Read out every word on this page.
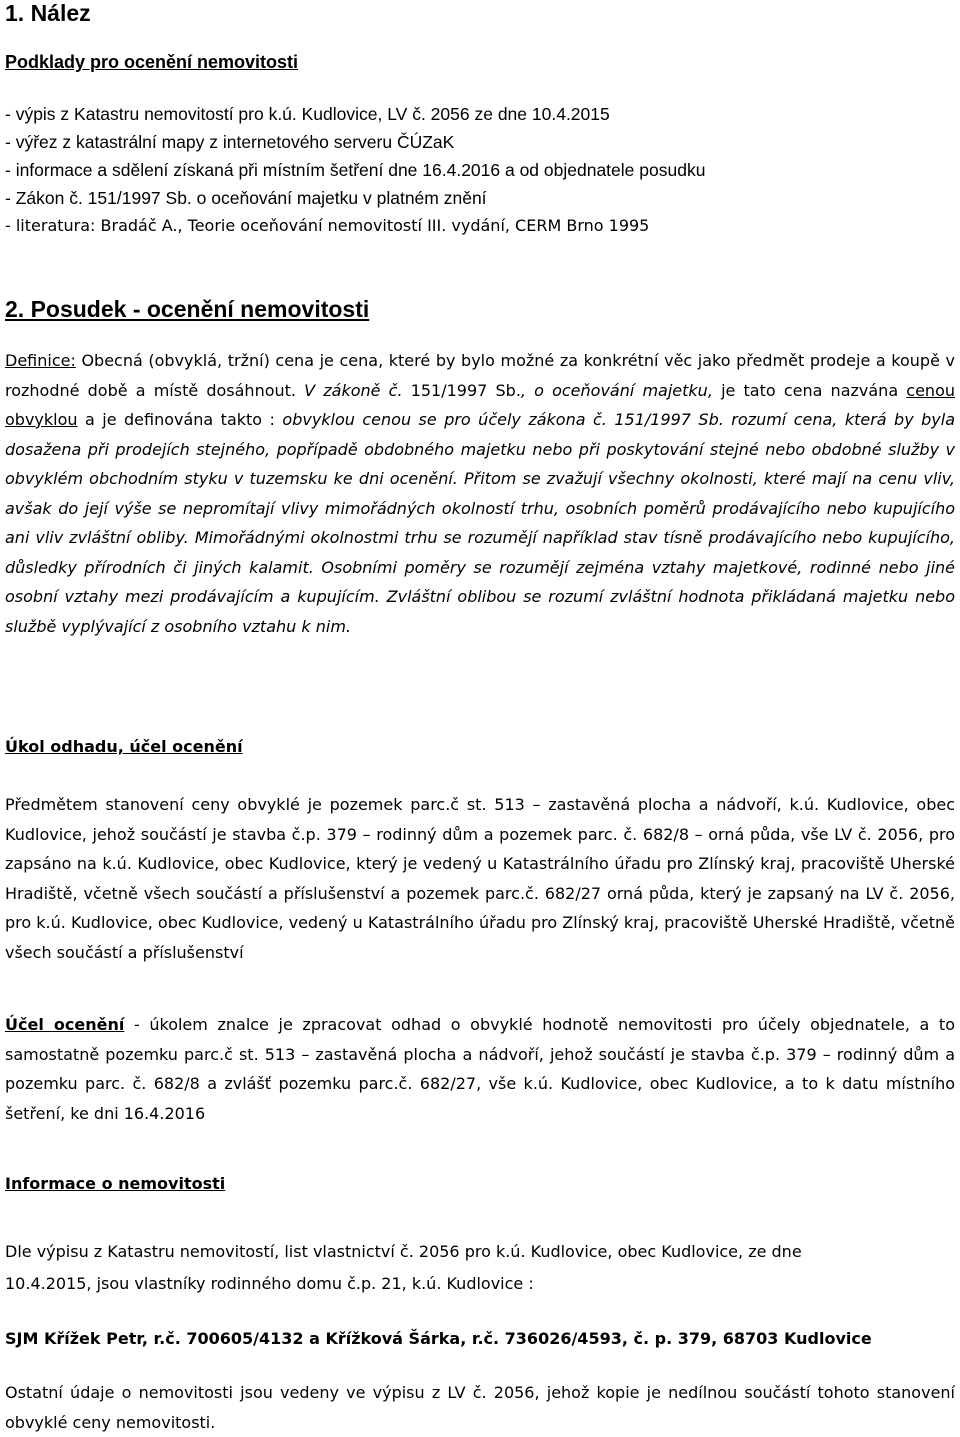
1. Nález
Podklady pro ocenění nemovitosti
- výpis z Katastru nemovitostí pro k.ú. Kudlovice, LV č. 2056 ze dne 10.4.2015
- výřez z katastrální mapy z internetového serveru ČÚZaK
- informace a sdělení získaná při místním šetření dne 16.4.2016 a od objednatele posudku
- Zákon č. 151/1997 Sb. o oceňování majetku v platném znění
- literatura: Bradáč A., Teorie oceňování nemovitostí III. vydání, CERM Brno 1995
2. Posudek - ocenění nemovitosti
Definice: Obecná (obvyklá, tržní) cena je cena, které by bylo možné za konkrétní věc jako předmět prodeje a koupě v rozhodné době a místě dosáhnout. V zákoně č. 151/1997 Sb., o oceňování majetku, je tato cena nazvána cenou obvyklou a je definována takto : obvyklou cenou se pro účely zákona č. 151/1997 Sb. rozumí cena, která by byla dosažena při prodejích stejného, popřípadě obdobného majetku nebo při poskytování stejné nebo obdobné služby v obvyklém obchodním styku v tuzemsku ke dni ocenění. Přitom se zvažují všechny okolnosti, které mají na cenu vliv, avšak do její výše se nepromítají vlivy mimořádných okolností trhu, osobních poměrů prodávajícího nebo kupujícího ani vliv zvláštní obliby. Mimořádnými okolnostmi trhu se rozumějí například stav tísně prodávajícího nebo kupujícího, důsledky přírodních či jiných kalamit. Osobními poměry se rozumějí zejména vztahy majetkové, rodinné nebo jiné osobní vztahy mezi prodávajícím a kupujícím. Zvláštní oblibou se rozumí zvláštní hodnota přikládaná majetku nebo službě vyplývající z osobního vztahu k nim.
Úkol odhadu, účel ocenění
Předmětem stanovení ceny obvyklé je pozemek parc.č st. 513 – zastavěná plocha a nádvoří, k.ú. Kudlovice, obec Kudlovice, jehož součástí je stavba č.p. 379 – rodinný dům a pozemek parc. č. 682/8 – orná půda, vše LV č. 2056, pro zapsáno na k.ú. Kudlovice, obec Kudlovice, který je vedený u Katastrálního úřadu pro Zlínský kraj, pracoviště Uherské Hradiště, včetně všech součástí a příslušenství a pozemek parc.č. 682/27 orná půda, který je zapsaný na LV č. 2056, pro k.ú. Kudlovice, obec Kudlovice, vedený u Katastrálního úřadu pro Zlínský kraj, pracoviště Uherské Hradiště, včetně všech součástí a příslušenství
Účel ocenění - úkolem znalce je zpracovat odhad o obvyklé hodnotě nemovitosti pro účely objednatele, a to samostatně pozemku parc.č st. 513 – zastavěná plocha a nádvoří, jehož součástí je stavba č.p. 379 – rodinný dům a pozemku parc. č. 682/8 a zvlášť pozemku parc.č. 682/27, vše k.ú. Kudlovice, obec Kudlovice, a to k datu místního šetření, ke dni 16.4.2016
Informace o nemovitosti
Dle výpisu z Katastru nemovitostí, list vlastnictví č. 2056 pro k.ú. Kudlovice, obec Kudlovice, ze dne
10.4.2015, jsou vlastníky rodinného domu č.p. 21, k.ú. Kudlovice :
SJM Křížek Petr, r.č. 700605/4132 a Křížková Šárka, r.č. 736026/4593, č. p. 379, 68703 Kudlovice
Ostatní údaje o nemovitosti jsou vedeny ve výpisu z LV č. 2056, jehož kopie je nedílnou součástí tohoto stanovení obvyklé ceny nemovitosti.
